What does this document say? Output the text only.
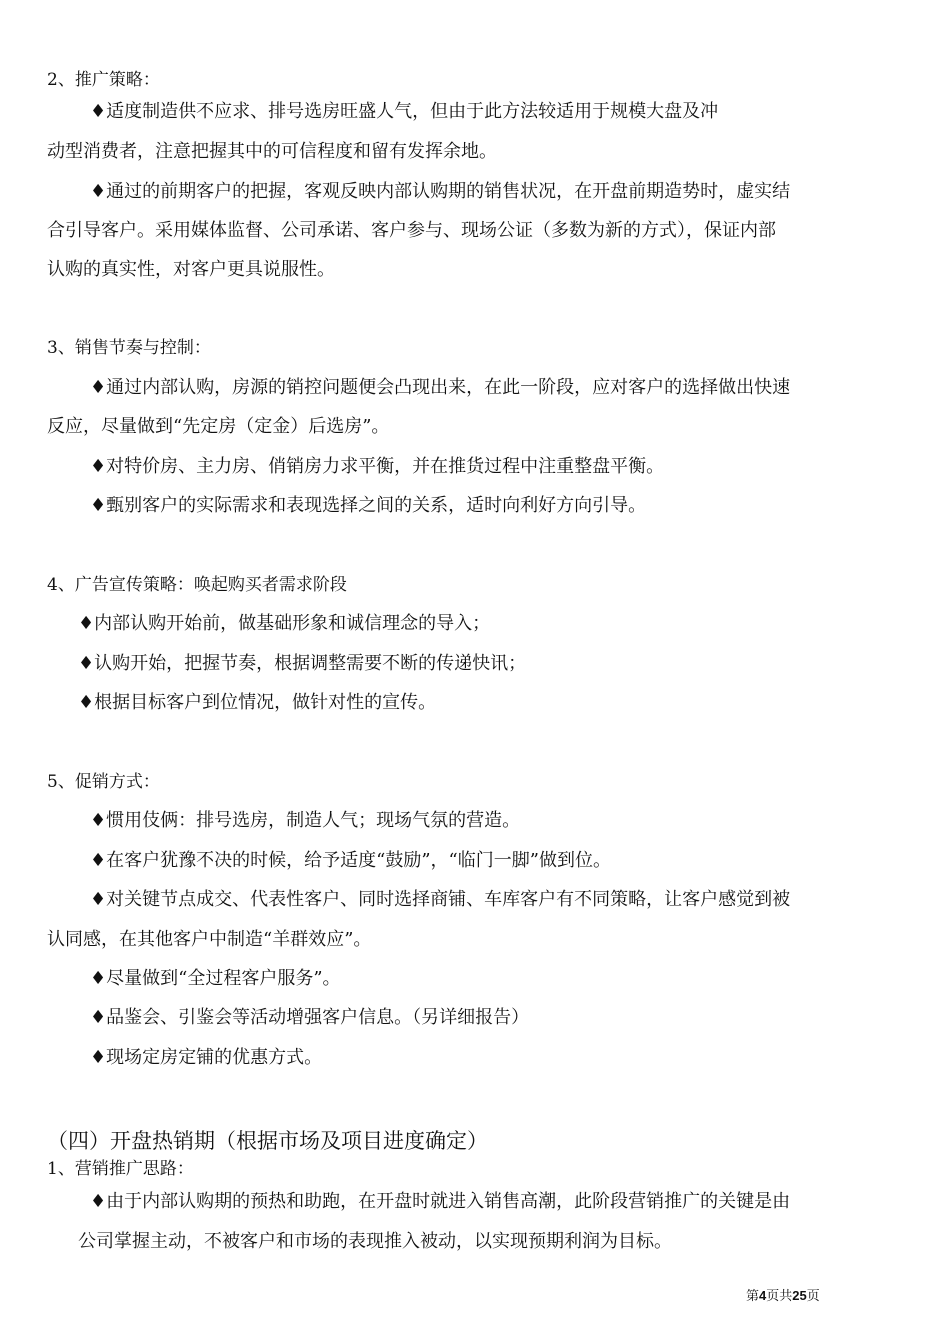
2、推广策略：
♦适度制造供不应求、排号选房旺盛人气，但由于此方法较适用于规模大盘及冲
动型消费者，注意把握其中的可信程度和留有发挥余地。
♦通过的前期客户的把握，客观反映内部认购期的销售状况，在开盘前期造势时，虚实结
合引导客户。采用媒体监督、公司承诺、客户参与、现场公证（多数为新的方式），保证内部
认购的真实性，对客户更具说服性。
3、销售节奏与控制：
♦通过内部认购，房源的销控问题便会凸现出来，在此一阶段，应对客户的选择做出快速
反应，尽量做到“先定房（定金）后选房”。
♦对特价房、主力房、俏销房力求平衡，并在推货过程中注重整盘平衡。
♦甄别客户的实际需求和表现选择之间的关系，适时向利好方向引导。
4、广告宣传策略：唤起购买者需求阶段
♦内部认购开始前，做基础形象和诚信理念的导入；
♦认购开始，把握节奏，根据调整需要不断的传递快讯；
♦根据目标客户到位情况，做针对性的宣传。
5、促销方式：
♦惯用伎俩：排号选房，制造人气；现场气氛的营造。
♦在客户犹豫不决的时候，给予适度“鼓励”，“临门一脚”做到位。
♦对关键节点成交、代表性客户、同时选择商铺、车库客户有不同策略，让客户感觉到被
认同感，在其他客户中制造“羊群效应”。
♦尽量做到“全过程客户服务”。
♦品鉴会、引鉴会等活动增强客户信息。（另详细报告）
♦现场定房定铺的优惠方式。
（四）开盘热销期（根据市场及项目进度确定）
1、营销推广思路：
♦由于内部认购期的预热和助跑，在开盘时就进入销售高潮，此阶段营销推广的关键是由
公司掌握主动，不被客户和市场的表现推入被动，以实现预期利润为目标。
第4页共25页
